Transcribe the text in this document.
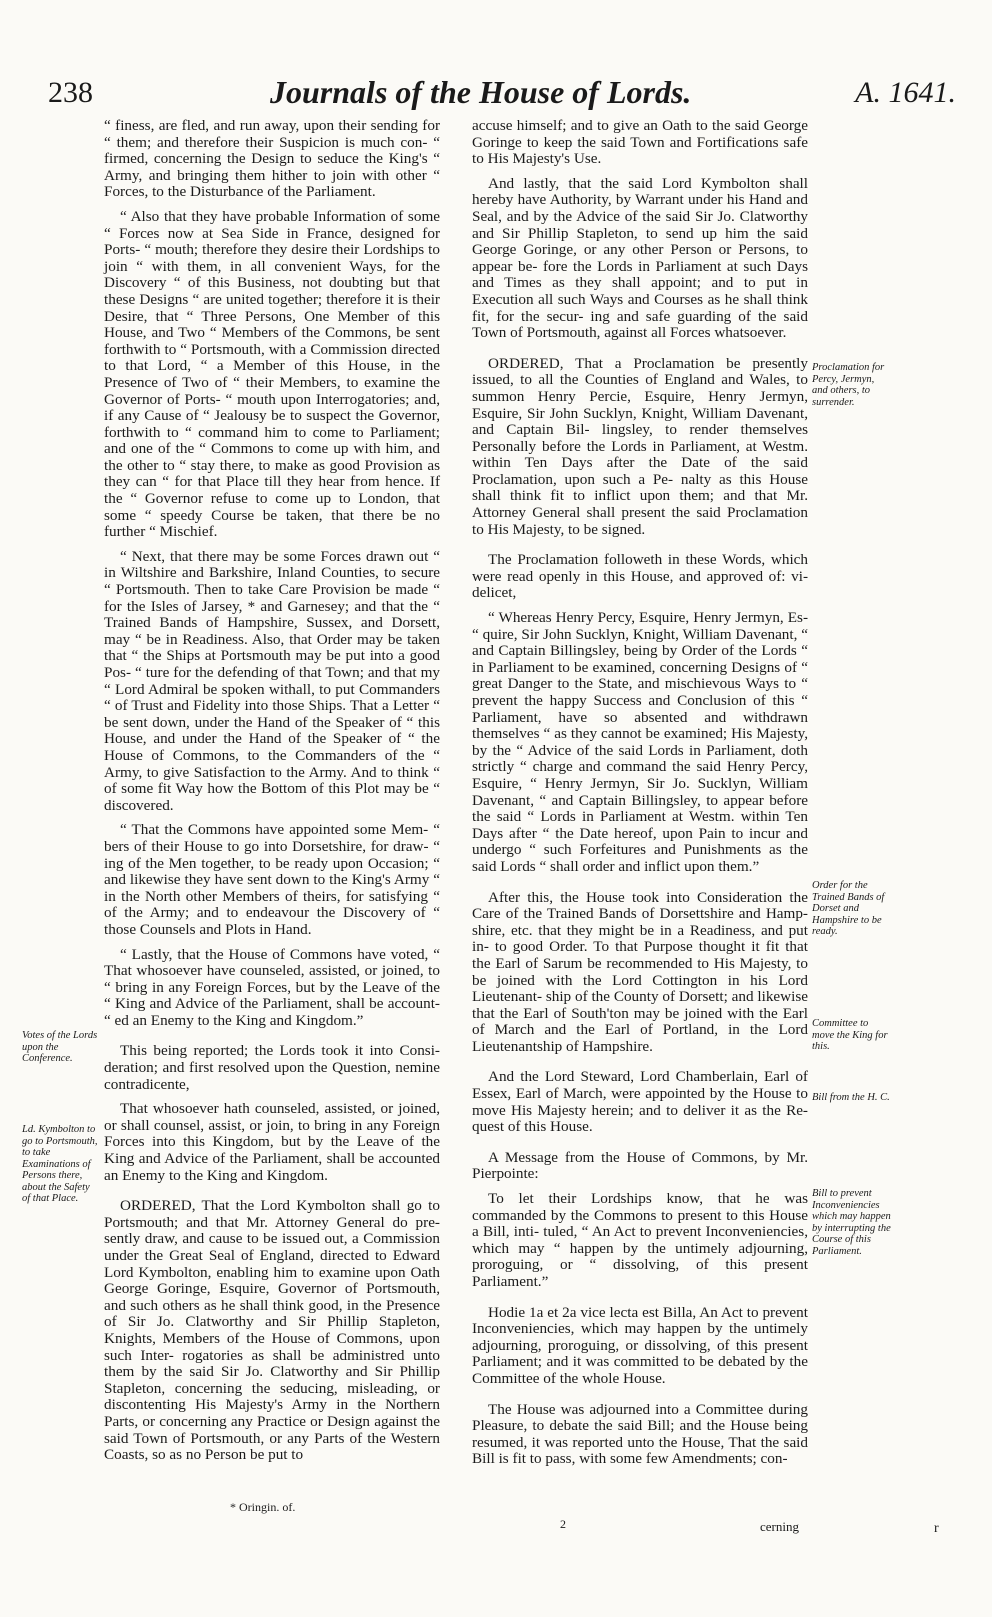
238	Journals of the House of Lords.	A. 1641.

“ finess, are fled, and run away, upon their sending for “ them; and therefore their Suspicion is much con- “ firmed, concerning the Design to seduce the King's “ Army, and bringing them hither to join with other “ Forces, to the Disturbance of the Parliament.

“ Also that they have probable Information of some “ Forces now at Sea Side in France, designed for Ports- “ mouth; therefore they desire their Lordships to join “ with them, in all convenient Ways, for the Discovery “ of this Business, not doubting but that these Designs “ are united together; therefore it is their Desire, that “ Three Persons, One Member of this House, and Two “ Members of the Commons, be sent forthwith to “ Portsmouth, with a Commission directed to that Lord, “ a Member of this House, in the Presence of Two of “ their Members, to examine the Governor of Ports- “ mouth upon Interrogatories; and, if any Cause of “ Jealousy be to suspect the Governor, forthwith to “ command him to come to Parliament; and one of the “ Commons to come up with him, and the other to “ stay there, to make as good Provision as they can “ for that Place till they hear from hence. If the “ Governor refuse to come up to London, that some “ speedy Course be taken, that there be no further “ Mischief.

“ Next, that there may be some Forces drawn out “ in Wiltshire and Barkshire, Inland Counties, to secure “ Portsmouth. Then to take Care Provision be made “ for the Isles of Jarsey, * and Garnesey; and that the “ Trained Bands of Hampshire, Sussex, and Dorsett, may “ be in Readiness. Also, that Order may be taken that “ the Ships at Portsmouth may be put into a good Pos- “ ture for the defending of that Town; and that my “ Lord Admiral be spoken withall, to put Commanders “ of Trust and Fidelity into those Ships. That a Letter “ be sent down, under the Hand of the Speaker of “ this House, and under the Hand of the Speaker of “ the House of Commons, to the Commanders of the “ Army, to give Satisfaction to the Army. And to think “ of some fit Way how the Bottom of this Plot may be “ discovered.

“ That the Commons have appointed some Mem- “ bers of their House to go into Dorsetshire, for draw- “ ing of the Men together, to be ready upon Occasion; “ and likewise they have sent down to the King's Army “ in the North other Members of theirs, for satisfying “ of the Army; and to endeavour the Discovery of “ those Counsels and Plots in Hand.

“ Lastly, that the House of Commons have voted, “ That whosoever have counseled, assisted, or joined, to “ bring in any Foreign Forces, but by the Leave of the “ King and Advice of the Parliament, shall be account- “ ed an Enemy to the King and Kingdom.”

This being reported; the Lords took it into Consi- deration; and first resolved upon the Question, nemine contradicente,

That whosoever hath counseled, assisted, or joined, or shall counsel, assist, or join, to bring in any Foreign Forces into this Kingdom, but by the Leave of the King and Advice of the Parliament, shall be accounted an Enemy to the King and Kingdom.

ORDERED, That the Lord Kymbolton shall go to Portsmouth; and that Mr. Attorney General do pre- sently draw, and cause to be issued out, a Commission under the Great Seal of England, directed to Edward Lord Kymbolton, enabling him to examine upon Oath George Goringe, Esquire, Governor of Portsmouth, and such others as he shall think good, in the Presence of Sir Jo. Clatworthy and Sir Phillip Stapleton, Knights, Members of the House of Commons, upon such Inter- rogatories as shall be administred unto them by the said Sir Jo. Clatworthy and Sir Phillip Stapleton, concerning the seducing, misleading, or discontenting His Majesty's Army in the Northern Parts, or concerning any Practice or Design against the said Town of Portsmouth, or any Parts of the Western Coasts, so as no Person be put to

accuse himself; and to give an Oath to the said George Goringe to keep the said Town and Fortifications safe to His Majesty's Use.

And lastly, that the said Lord Kymbolton shall hereby have Authority, by Warrant under his Hand and Seal, and by the Advice of the said Sir Jo. Clatworthy and Sir Phillip Stapleton, to send up him the said George Goringe, or any other Person or Persons, to appear be- fore the Lords in Parliament at such Days and Times as they shall appoint; and to put in Execution all such Ways and Courses as he shall think fit, for the secur- ing and safe guarding of the said Town of Portsmouth, against all Forces whatsoever.

ORDERED, That a Proclamation be presently issued, to all the Counties of England and Wales, to summon Henry Percie, Esquire, Henry Jermyn, Esquire, Sir John Sucklyn, Knight, William Davenant, and Captain Bil- lingsley, to render themselves Personally before the Lords in Parliament, at Westm. within Ten Days after the Date of the said Proclamation, upon such a Pe- nalty as this House shall think fit to inflict upon them; and that Mr. Attorney General shall present the said Proclamation to His Majesty, to be signed.

The Proclamation followeth in these Words, which were read openly in this House, and approved of: vi- delicet,

“ Whereas Henry Percy, Esquire, Henry Jermyn, Es- “ quire, Sir John Sucklyn, Knight, William Davenant, “ and Captain Billingsley, being by Order of the Lords “ in Parliament to be examined, concerning Designs of “ great Danger to the State, and mischievous Ways to “ prevent the happy Success and Conclusion of this “ Parliament, have so absented and withdrawn themselves “ as they cannot be examined; His Majesty, by the “ Advice of the said Lords in Parliament, doth strictly “ charge and command the said Henry Percy, Esquire, “ Henry Jermyn, Sir Jo. Sucklyn, William Davenant, “ and Captain Billingsley, to appear before the said “ Lords in Parliament at Westm. within Ten Days after “ the Date hereof, upon Pain to incur and undergo “ such Forfeitures and Punishments as the said Lords “ shall order and inflict upon them.”

After this, the House took into Consideration the Care of the Trained Bands of Dorsettshire and Hamp- shire, etc. that they might be in a Readiness, and put in- to good Order. To that Purpose thought it fit that the Earl of Sarum be recommended to His Majesty, to be joined with the Lord Cottington in his Lord Lieutenant- ship of the County of Dorsett; and likewise that the Earl of South'ton may be joined with the Earl of March and the Earl of Portland, in the Lord Lieutenantship of Hampshire.

And the Lord Steward, Lord Chamberlain, Earl of Essex, Earl of March, were appointed by the House to move His Majesty herein; and to deliver it as the Re- quest of this House.

A Message from the House of Commons, by Mr. Pierpointe:

To let their Lordships know, that he was commanded by the Commons to present to this House a Bill, inti- tuled, “ An Act to prevent Inconveniencies, which may “ happen by the untimely adjourning, proroguing, or “ dissolving, of this present Parliament.”

Hodie 1a et 2a vice lecta est Billa, An Act to prevent Inconveniencies, which may happen by the untimely adjourning, proroguing, or dissolving, of this present Parliament; and it was committed to be debated by the Committee of the whole House.

The House was adjourned into a Committee during Pleasure, to debate the said Bill; and the House being resumed, it was reported unto the House, That the said Bill is fit to pass, with some few Amendments; con-

Votes of the Lords upon the Conference.
Ld. Kymbolton to go to Portsmouth, to take Examinations of Persons there, about the Safety of that Place.
Proclamation for Percy, Jermyn, and others, to surrender.
Order for the Trained Bands of Dorset and Hampshire to be ready.
Committee to move the King for this.
Bill from the H. C.
Bill to prevent Inconveniencies which may happen by interrupting the Course of this Parliament.
* Oringin. of.
2	cerning	r
